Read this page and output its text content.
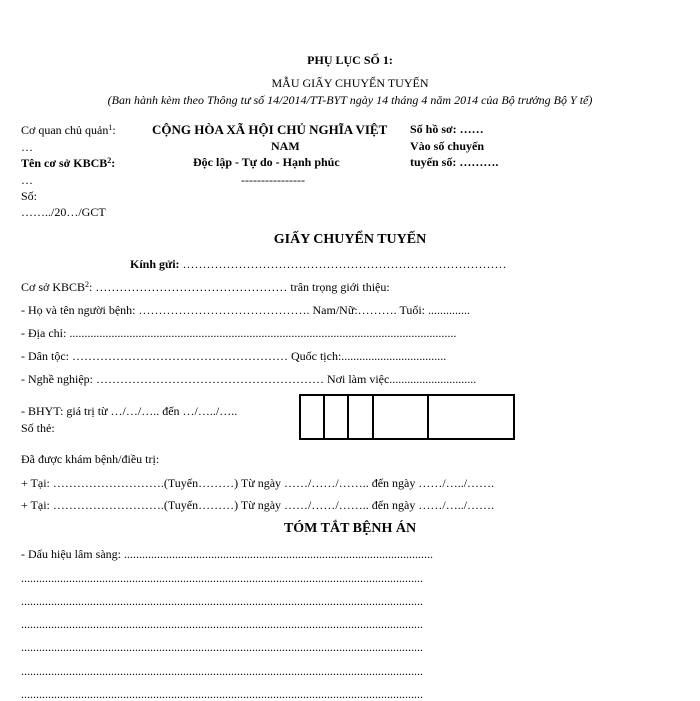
PHỤ LỤC SỐ 1:
MẪU GIẤY CHUYỂN TUYẾN
(Ban hành kèm theo Thông tư số 14/2014/TT-BYT ngày 14 tháng 4 năm 2014 của Bộ trưởng Bộ Y tế)
Cơ quan chủ quản$^1$:
…
Tên cơ sở KBCB$^2$:
…
Số:
……../20…/GCT
CỘNG HÒA XÃ HỘI CHỦ NGHĨA VIỆT
NAM
Độc lập - Tự do - Hạnh phúc
----------------
Số hồ sơ: ……
Vào số chuyển
tuyến số: ……….
GIẤY CHUYỂN TUYẾN
Kính gửi: ………………………………………………………………………
Cơ sở KBCB$^2$: ………………………………………… trân trọng giới thiệu:
- Họ và tên người bệnh: ……………………………………. Nam/Nữ:………. Tuổi: ..............
- Địa chỉ: .................................................................................................................................
- Dân tộc: ……………………………………………… Quốc tịch:...................................
- Nghề nghiệp: ………………………………………………… Nơi làm việc.............................
- BHYT: giá trị từ …/…/….. đến …/…../…..
Số thẻ:
Đã được khám bệnh/điều trị:
+ Tại: ……………………….(Tuyến………) Từ ngày ……/……/…….. đến ngày ……/…../…….
+ Tại: ……………………….(Tuyến………) Từ ngày ……/……/…….. đến ngày ……/…../…….
TÓM TẮT BỆNH ÁN
- Dấu hiệu lâm sàng: .......................................................................................................
......................................................................................................................................
......................................................................................................................................
......................................................................................................................................
......................................................................................................................................
......................................................................................................................................
......................................................................................................................................
